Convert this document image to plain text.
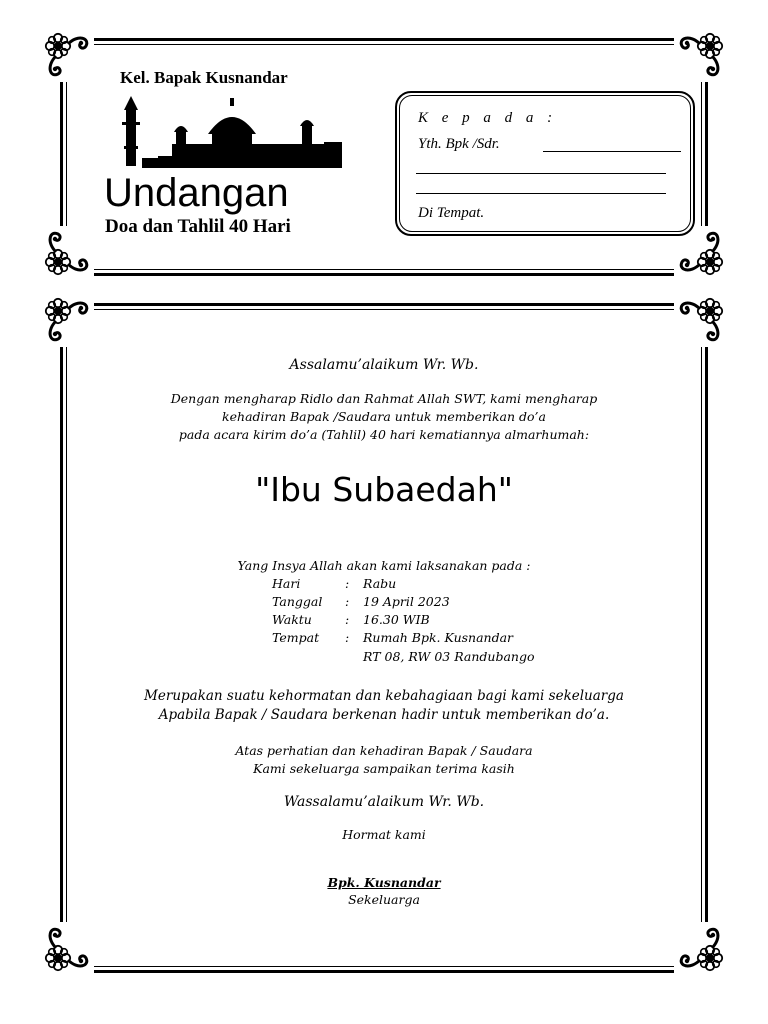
Kel. Bapak Kusnandar
Undangan
Doa dan Tahlil 40 Hari
K e p a d a :
Yth. Bpk /Sdr.
Di Tempat.
Assalamu’alaikum Wr. Wb.
Dengan mengharap Ridlo dan Rahmat Allah SWT, kami mengharap
kehadiran Bapak /Saudara untuk memberikan do’a
pada acara kirim do’a (Tahlil) 40 hari kematiannya almarhumah:
"Ibu Subaedah"
Yang Insya Allah akan kami laksanakan pada :
Hari	: Rabu
Tanggal : 19 April 2023
Waktu	: 16.30 WIB
Tempat : Rumah Bpk. Kusnandar
RT 08, RW 03 Randubango
Merupakan suatu kehormatan dan kebahagiaan bagi kami sekeluarga
Apabila Bapak / Saudara berkenan hadir untuk memberikan do’a.
Atas perhatian dan kehadiran Bapak / Saudara
Kami sekeluarga sampaikan terima kasih
Wassalamu’alaikum Wr. Wb.
Hormat kami
Bpk. Kusnandar
Sekeluarga
